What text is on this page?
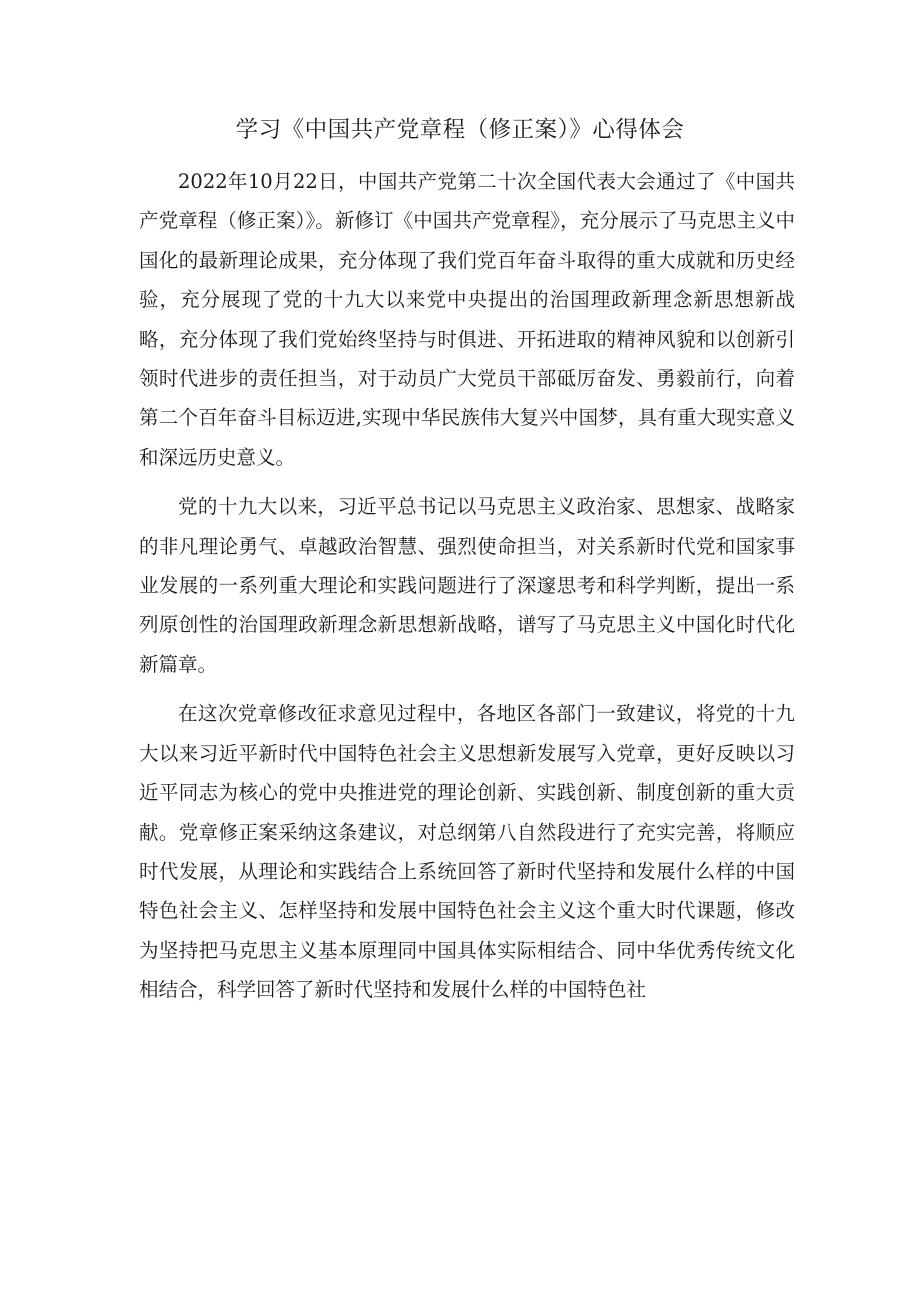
学习《中国共产党章程（修正案）》心得体会

2022年10月22日，中国共产党第二十次全国代表大会通过了《中国共产党章程（修正案）》。新修订《中国共产党章程》，充分展示了马克思主义中国化的最新理论成果，充分体现了我们党百年奋斗取得的重大成就和历史经验，充分展现了党的十九大以来党中央提出的治国理政新理念新思想新战略，充分体现了我们党始终坚持与时俱进、开拓进取的精神风貌和以创新引领时代进步的责任担当，对于动员广大党员干部砥厉奋发、勇毅前行，向着第二个百年奋斗目标迈进,实现中华民族伟大复兴中国梦，具有重大现实意义和深远历史意义。

党的十九大以来，习近平总书记以马克思主义政治家、思想家、战略家的非凡理论勇气、卓越政治智慧、强烈使命担当，对关系新时代党和国家事业发展的一系列重大理论和实践问题进行了深邃思考和科学判断，提出一系列原创性的治国理政新理念新思想新战略，谱写了马克思主义中国化时代化新篇章。

在这次党章修改征求意见过程中，各地区各部门一致建议，将党的十九大以来习近平新时代中国特色社会主义思想新发展写入党章，更好反映以习近平同志为核心的党中央推进党的理论创新、实践创新、制度创新的重大贡献。党章修正案采纳这条建议，对总纲第八自然段进行了充实完善，将顺应时代发展，从理论和实践结合上系统回答了新时代坚持和发展什么样的中国特色社会主义、怎样坚持和发展中国特色社会主义这个重大时代课题，修改为坚持把马克思主义基本原理同中国具体实际相结合、同中华优秀传统文化相结合，科学回答了新时代坚持和发展什么样的中国特色社
